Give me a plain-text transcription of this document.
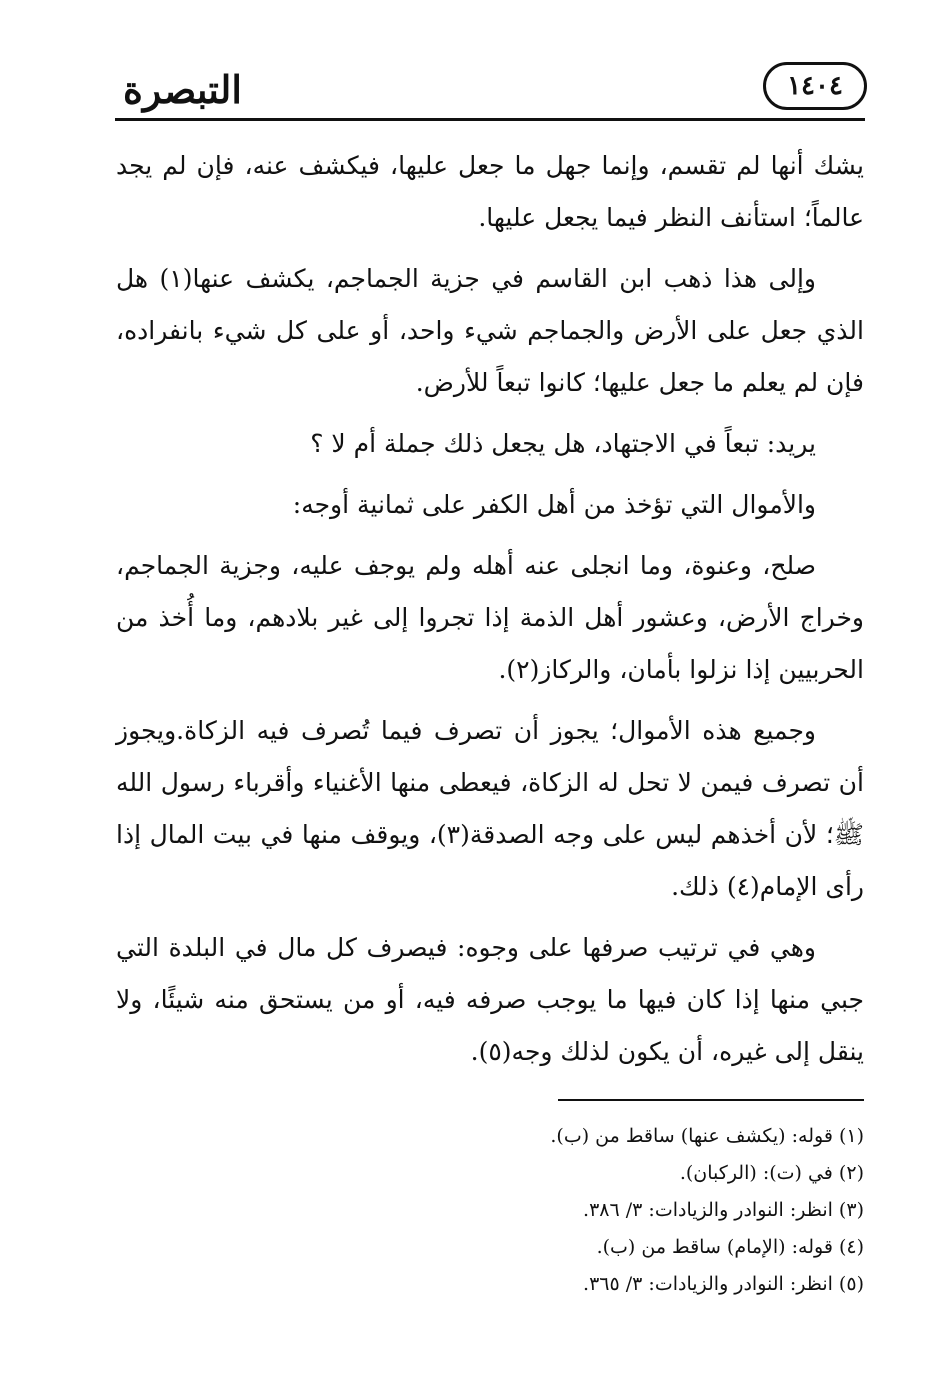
التبصرة	١٤٠٤

يشك أنها لم تقسم، وإنما جهل ما جعل عليها، فيكشف عنه، فإن لم يجد عالماً؛ استأنف النظر فيما يجعل عليها.

وإلى هذا ذهب ابن القاسم في جزية الجماجم، يكشف عنها(١) هل الذي جعل على الأرض والجماجم شيء واحد، أو على كل شيء بانفراده، فإن لم يعلم ما جعل عليها؛ كانوا تبعاً للأرض.

يريد: تبعاً في الاجتهاد، هل يجعل ذلك جملة أم لا ؟

والأموال التي تؤخذ من أهل الكفر على ثمانية أوجه:

صلح، وعنوة، وما انجلى عنه أهله ولم يوجف عليه، وجزية الجماجم، وخراج الأرض، وعشور أهل الذمة إذا تجروا إلى غير بلادهم، وما أُخذ من الحربيين إذا نزلوا بأمان، والركاز(٢).

وجميع هذه الأموال؛ يجوز أن تصرف فيما تُصرف فيه الزكاة.ويجوز أن تصرف فيمن لا تحل له الزكاة، فيعطى منها الأغنياء وأقرباء رسول الله ﷺ؛ لأن أخذهم ليس على وجه الصدقة(٣)، ويوقف منها في بيت المال إذا رأى الإمام(٤) ذلك.

وهي في ترتيب صرفها على وجوه: فيصرف كل مال في البلدة التي جبي منها إذا كان فيها ما يوجب صرفه فيه، أو من يستحق منه شيئًا، ولا ينقل إلى غيره، أن يكون لذلك وجه(٥).

(١) قوله: (يكشف عنها) ساقط من (ب).
(٢) في (ت): (الركبان).
(٣) انظر: النوادر والزيادات: ٣/ ٣٨٦.
(٤) قوله: (الإمام) ساقط من (ب).
(٥) انظر: النوادر والزيادات: ٣/ ٣٦٥.
